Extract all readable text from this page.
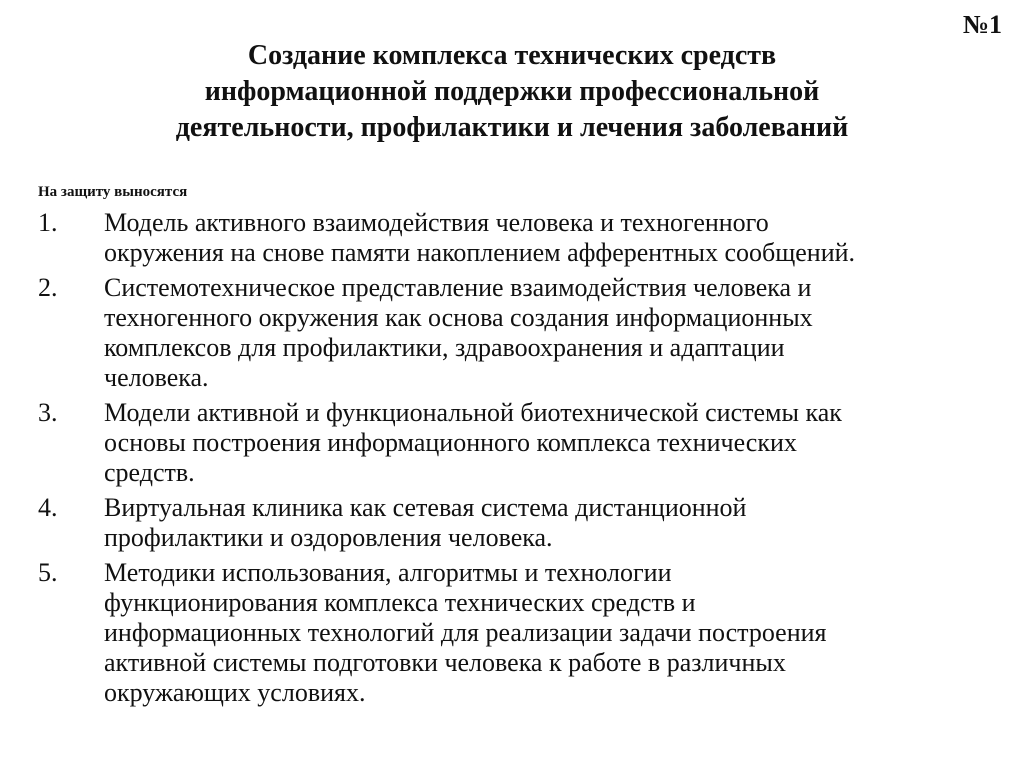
№1
Создание комплекса технических средств
информационной поддержки профессиональной
деятельности, профилактики и лечения заболеваний
На защиту выносятся
1. Модель активного взаимодействия человека и техногенного
окружения на снове памяти накоплением афферентных сообщений.
2. Системотехническое представление взаимодействия человека и
техногенного окружения как основа создания информационных
комплексов для профилактики, здравоохранения и адаптации
человека.
3. Модели активной и функциональной биотехнической системы как
основы построения информационного комплекса технических
средств.
4. Виртуальная клиника как сетевая система дистанционной
профилактики и оздоровления человека.
5. Методики использования, алгоритмы и технологии
функционирования комплекса технических средств и
информационных технологий для реализации задачи построения
активной системы подготовки человека к работе в различных
окружающих условиях.
